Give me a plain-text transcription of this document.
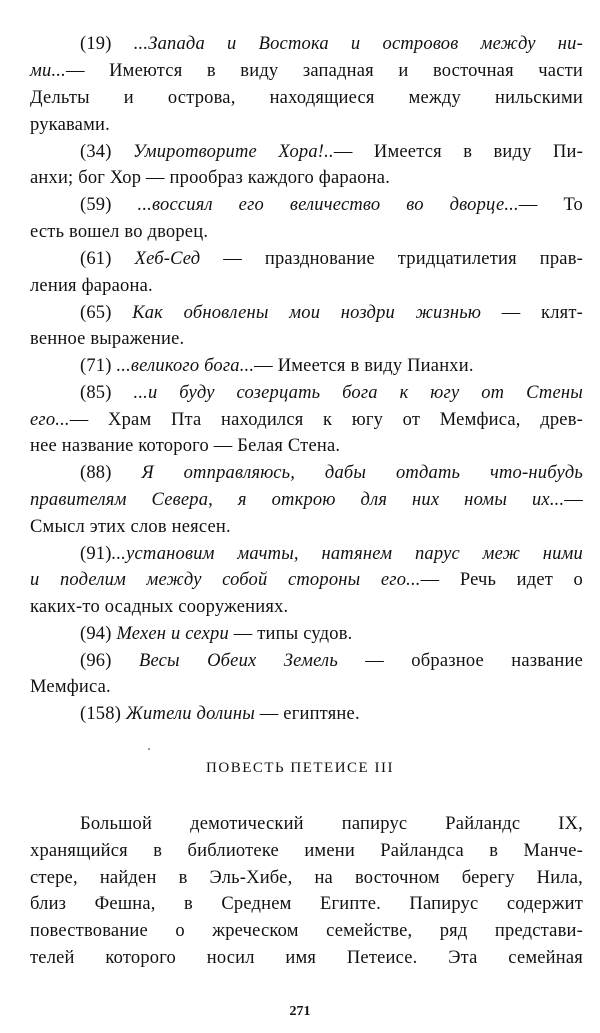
(19) ...Запада и Востока и островов между ни-
ми...— Имеются в виду западная и восточная части
Дельты и острова, находящиеся между нильскими
рукавами.
(34) Умиротворите Хора!..— Имеется в виду Пи-
анхи; бог Хор — прообраз каждого фараона.
(59) ...воссиял его величество во дворце...— То
есть вошел во дворец.
(61) Хеб-Сед — празднование тридцатилетия прав-
ления фараона.
(65) Как обновлены мои ноздри жизнью — клят-
венное выражение.
(71) ...великого бога...— Имеется в виду Пианхи.
(85) ...и буду созерцать бога к югу от Стены
его...— Храм Пта находился к югу от Мемфиса, древ-
нее название которого — Белая Стена.
(88) Я отправляюсь, дабы отдать что-нибудь
правителям Севера, я открою для них номы их...—
Смысл этих слов неясен.
(91)...установим мачты, натянем парус меж ними
и поделим между собой стороны его...— Речь идет о
каких-то осадных сооружениях.
(94) Мехен и сехри — типы судов.
(96) Весы Обеих Земель — образное название
Мемфиса.
(158) Жители долины — египтяне.
ПОВЕСТЬ ПЕТЕИСЕ III
Большой демотический папирус Райландс IX,
хранящийся в библиотеке имени Райландса в Манче-
стере, найден в Эль-Хибе, на восточном берегу Нила,
близ Фешна, в Среднем Египте. Папирус содержит
повествование о жреческом семействе, ряд представи-
телей которого носил имя Петеисе. Эта семейная
271
